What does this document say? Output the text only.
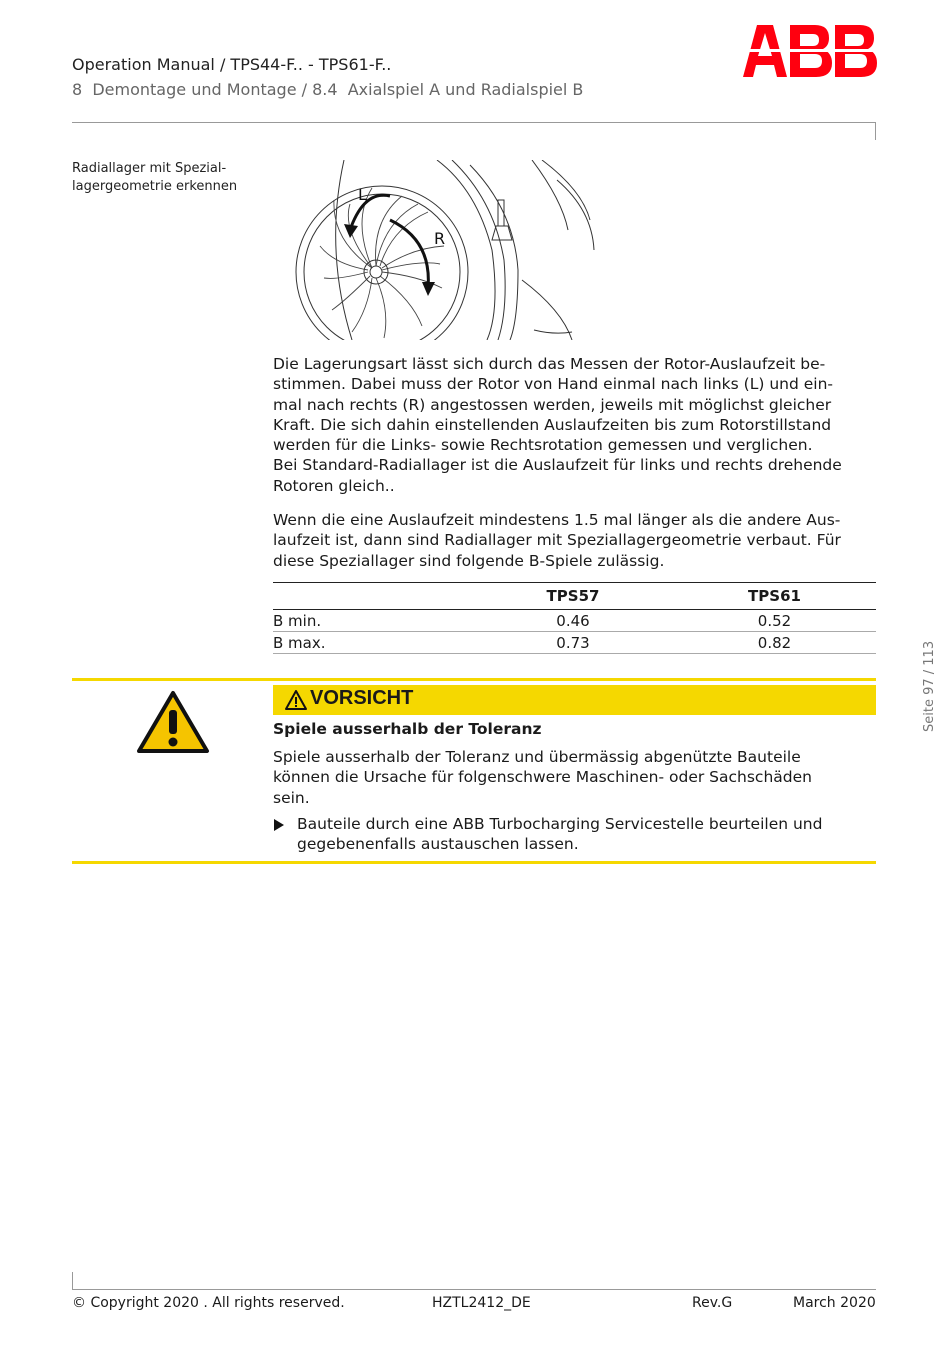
Operation Manual / TPS44-F.. - TPS61-F..
8  Demontage und Montage / 8.4  Axialspiel A und Radialspiel B
Radiallager mit Spezial-
lagergeometrie erkennen	L
R
Die Lagerungsart lässt sich durch das Messen der Rotor-Auslaufzeit be-
stimmen. Dabei muss der Rotor von Hand einmal nach links (L) und ein-
mal nach rechts (R) angestossen werden, jeweils mit möglichst gleicher
Kraft. Die sich dahin einstellenden Auslaufzeiten bis zum Rotorstillstand
werden für die Links- sowie Rechtsrotation gemessen und verglichen.
Bei Standard-Radiallager ist die Auslaufzeit für links und rechts drehende
Rotoren gleich..
Wenn die eine Auslaufzeit mindestens 1.5 mal länger als die andere Aus-
laufzeit ist, dann sind Radiallager mit Speziallagergeometrie verbaut. Für
diese Speziallager sind folgende B-Spiele zulässig.
	TPS57	TPS61
B min.	0.46	0.52
B max.	0.73	0.82
VORSICHT
Spiele ausserhalb der Toleranz
Spiele ausserhalb der Toleranz und übermässig abgenützte Bauteile
können die Ursache für folgenschwere Maschinen- oder Sachschäden
sein.
Bauteile durch eine ABB Turbocharging Servicestelle beurteilen und
gegebenenfalls austauschen lassen.
Seite 97 / 113
© Copyright 2020 . All rights reserved.	HZTL2412_DE	Rev.G	March 2020
